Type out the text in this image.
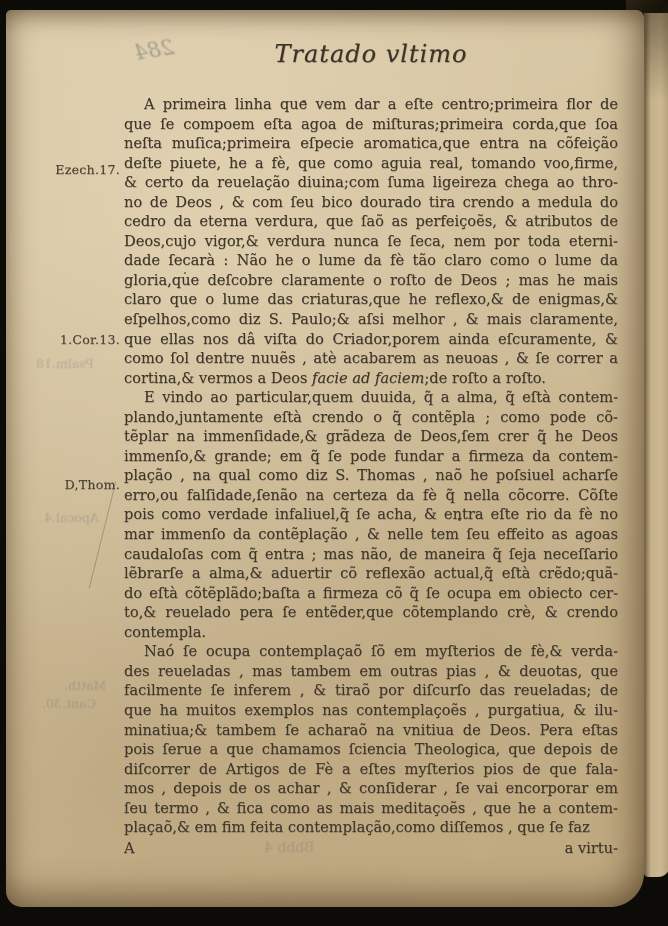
284
Psalm.18
Apocal.4.
Matth.
Cant.30.
Bbbb 4
Ezech.17.
1.Cor.13.
D,Thom.
Tratado vltimo
A primeira linha que vem dar a eſte centro;primeira flor de
que ſe compoem eſta agoa de miſturas;primeira corda,que ſoa
neſta muſica;primeira eſpecie aromatica,que entra na cõfeição
deſte piuete, he a fè, que como aguia real, tomando voo,firme,
& certo da reuelação diuina;com ſuma ligeireza chega ao thro-
no de Deos , & com ſeu bico dourado tira crendo a medula do
cedro da eterna verdura, que ſaõ as perfeiçoẽs, & atributos de
Deos,cujo vigor,& verdura nunca ſe ſeca, nem por toda eterni-
dade ſecarà : Não he o lume da fè tão claro como o lume da
gloria,que deſcobre claramente o roſto de Deos ; mas he mais
claro que o lume das criaturas,que he reflexo,& de enigmas,&
eſpelhos,como diz S. Paulo;& aſsi melhor , & mais claramente,
que ellas nos dâ viſta do Criador,porem ainda eſcuramente, &
como ſol dentre nuuẽs , atè acabarem as neuoas , & ſe correr a
cortina,& vermos a Deos facie ad faciem;de roſto a roſto.
E vindo ao particular,quem duuida, q̃ a alma, q̃ eſtà contem-
plando,juntamente eſtà crendo o q̃ contẽpla ; como pode cõ-
tẽplar na immenſidade,& grãdeza de Deos,ſem crer q̃ he Deos
immenſo,& grande; em q̃ ſe pode fundar a firmeza da contem-
plação , na qual como diz S. Thomas , naõ he poſsiuel acharſe
erro,ou falſidade,ſenão na certeza da fè q̃ nella cõcorre. Cõſte
pois como verdade infaliuel,q̃ ſe acha, & entra eſte rio da fè no
mar immenſo da contẽplação , & nelle tem ſeu effeito as agoas
caudaloſas com q̃ entra ; mas não, de maneira q̃ ſeja neceſſario
lẽbrarſe a alma,& aduertir cõ reflexão actual,q̃ eſtà crẽdo;quã-
do eſtà cõtẽplãdo;baſta a firmeza cõ q̃ ſe ocupa em obiecto cer-
to,& reuelado pera ſe entẽder,que cõtemplando crè, & crendo
contempla.
Naó ſe ocupa contemplaçaõ ſõ em myſterios de fè,& verda-
des reueladas , mas tambem em outras pias , & deuotas, que
facilmente ſe inferem , & tiraõ por diſcurſo das reueladas; de
que ha muitos exemplos nas contemplaçoẽs , purgatiua, & ilu-
minatiua;& tambem ſe acharaõ na vnitiua de Deos. Pera eſtas
pois ſerue a que chamamos ſciencia Theologica, que depois de
diſcorrer de Artigos de Fè a eſtes myſterios pios de que fala-
mos , depois de os achar , & conſiderar , ſe vai encorporar em
ſeu termo , & fica como as mais meditaçoẽs , que he a contem-
plaçaõ,& em fim feita contemplação,como diſſemos , que ſe faz
A	a virtu-
